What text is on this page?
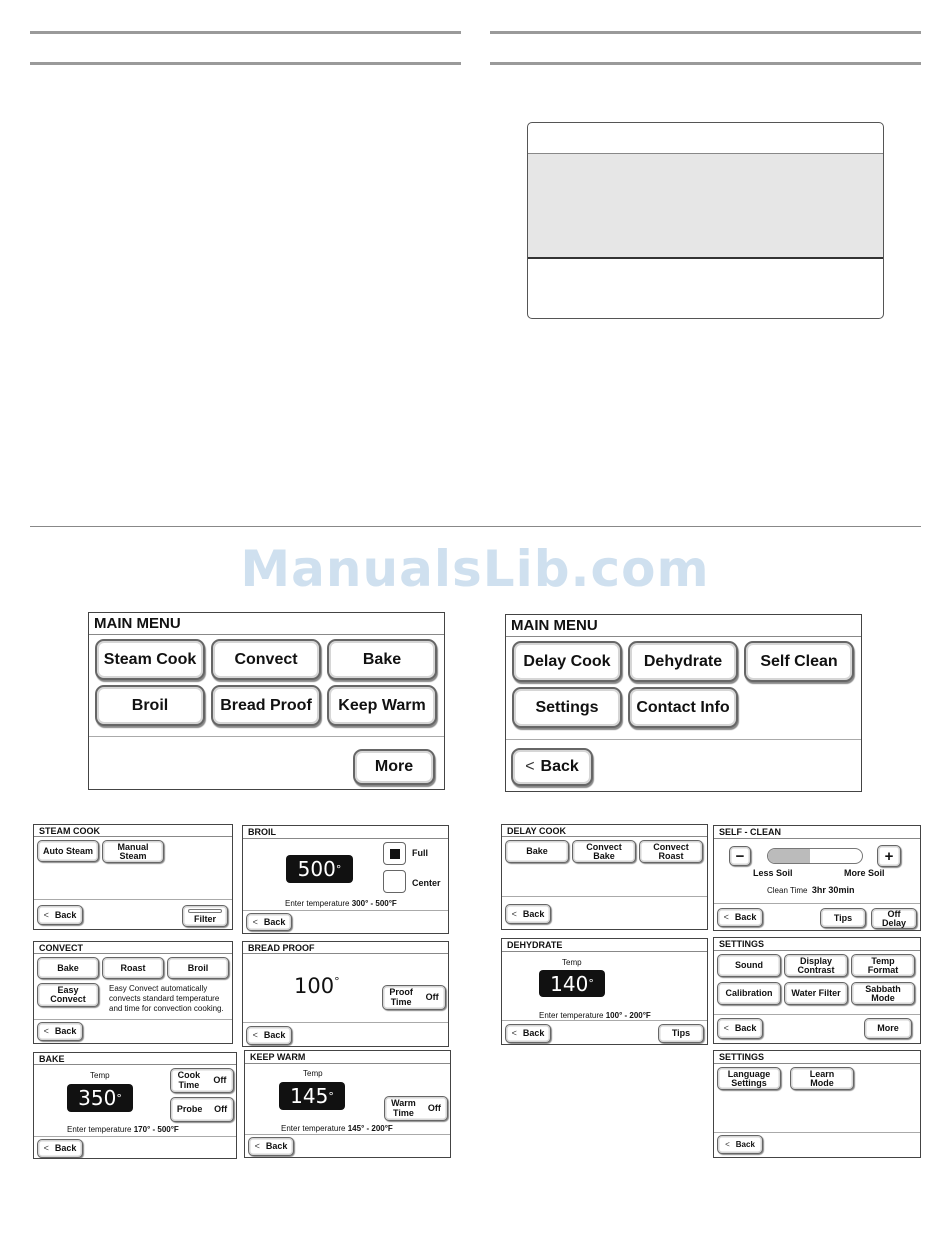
ManualsLib.com
MAIN MENU
Steam Cook	Convect	Bake
Broil	Bread Proof	Keep Warm
More
MAIN MENU
Delay Cook	Dehydrate	Self Clean
Settings	Contact Info
< Back
STEAM COOK
Auto Steam	Manual
Steam
< Back	Filter
BROIL
500 °
Full
Center
Enter temperature 300° - 500°F
< Back
CONVECT
Bake	Roast	Broil
Easy
Convect
Easy Convect automatically
convects standard temperature
and time for convection cooking.
< Back
BREAD PROOF
100°
Proof
Time Off
< Back
BAKE
Temp
350 °
Cook
Time Off
Probe Off
Enter temperature 170° - 500°F
< Back
KEEP WARM
Temp
145 °
Warm
Time Off
Enter temperature 145° - 200°F
< Back
DELAY COOK
Bake	Convect
Bake
Convect
Roast
< Back
SELF - CLEAN
−	+
Less Soil	More Soil
Clean Time 3hr 30min
< Back	Tips	Off
Delay
DEHYDRATE
Temp
140 °
Enter temperature 100° - 200°F
< Back	Tips
SETTINGS
Sound	Display
Contrast
Temp
Format
Calibration	Water Filter	Sabbath
Mode
< Back	More
SETTINGS
Language
Settings
Learn
Mode
< Back
